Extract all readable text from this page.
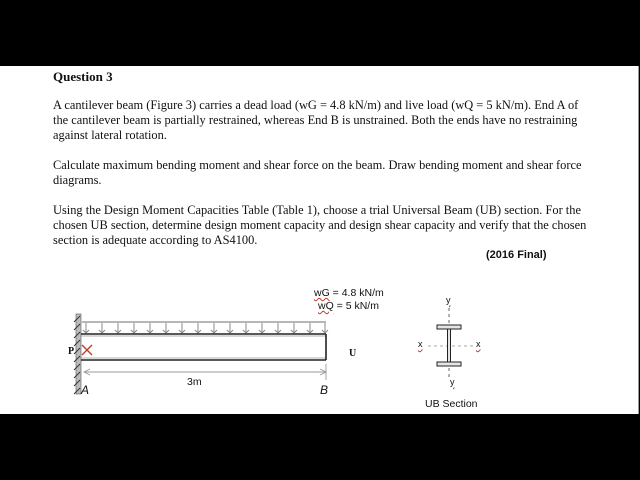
Question 3

A cantilever beam (Figure 3) carries a dead load (wG = 4.8 kN/m) and live load (wQ = 5 kN/m). End A of the cantilever beam is partially restrained, whereas End B is unstrained. Both the ends have no restraining against lateral rotation.

Calculate maximum bending moment and shear force on the beam. Draw bending moment and shear force diagrams.

Using the Design Moment Capacities Table (Table 1), choose a trial Universal Beam (UB) section. For the chosen UB section, determine design moment capacity and design shear capacity and verify that the chosen section is adequate according to AS4100.

(2016 Final)
wG = 4.8 kN/m
wQ = 5 kN/m
P	U
A	B
3m
y
x	x
y
UB Section
